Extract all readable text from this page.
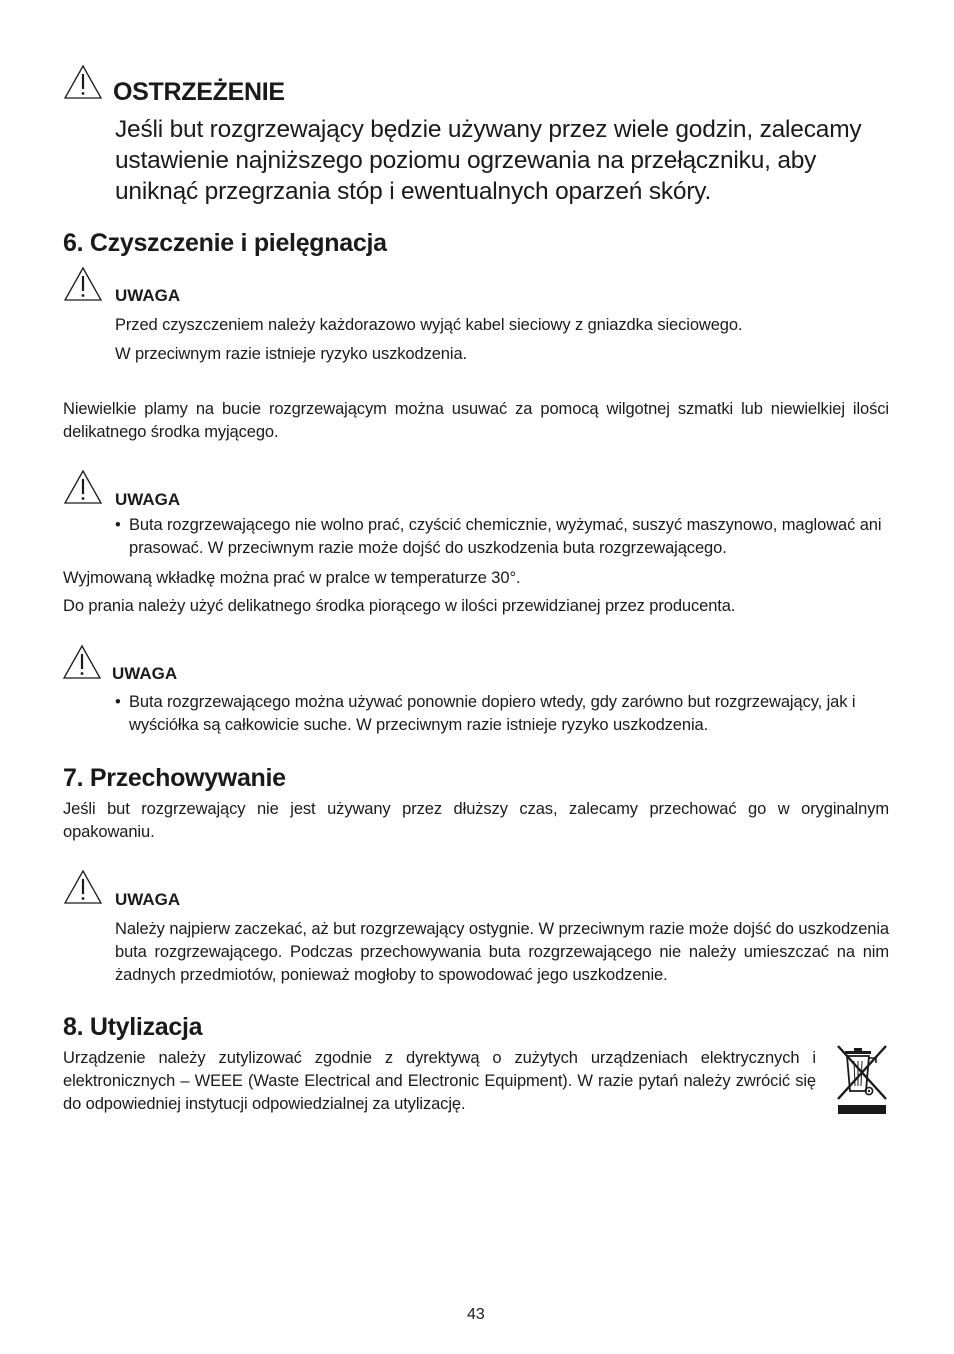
OSTRZEŻENIE
Jeśli but rozgrzewający będzie używany przez wiele godzin, zalecamy ustawienie najniższego poziomu ogrzewania na przełączniku, aby uniknąć przegrzania stóp i ewentualnych oparzeń skóry.
6. Czyszczenie i pielęgnacja
UWAGA
Przed czyszczeniem należy każdorazowo wyjąć kabel sieciowy z gniazdka sieciowego.
W przeciwnym razie istnieje ryzyko uszkodzenia.
Niewielkie plamy na bucie rozgrzewającym można usuwać za pomocą wilgotnej szmatki lub niewielkiej ilości delikatnego środka myjącego.
UWAGA
• Buta rozgrzewającego nie wolno prać, czyścić chemicznie, wyżymać, suszyć maszynowo, maglować ani prasować. W przeciwnym razie może dojść do uszkodzenia buta rozgrzewającego.
Wyjmowaną wkładkę można prać w pralce w temperaturze 30°.
Do prania należy użyć delikatnego środka piorącego w ilości przewidzianej przez producenta.
UWAGA
• Buta rozgrzewającego można używać ponownie dopiero wtedy, gdy zarówno but rozgrzewający, jak i wyściółka są całkowicie suche. W przeciwnym razie istnieje ryzyko uszkodzenia.
7. Przechowywanie
Jeśli but rozgrzewający nie jest używany przez dłuższy czas, zalecamy przechować go w oryginalnym opakowaniu.
UWAGA
Należy najpierw zaczekać, aż but rozgrzewający ostygnie. W przeciwnym razie może dojść do uszkodzenia buta rozgrzewającego. Podczas przechowywania buta rozgrzewającego nie należy umieszczać na nim żadnych przedmiotów, ponieważ mogłoby to spowodować jego uszkodzenie.
8. Utylizacja
Urządzenie należy zutylizować zgodnie z dyrektywą o zużytych urządzeniach elektrycznych i elektronicznych – WEEE (Waste Electrical and Electronic Equipment). W razie pytań należy zwrócić się do odpowiedniej instytucji odpowiedzialnej za utylizację.
43
